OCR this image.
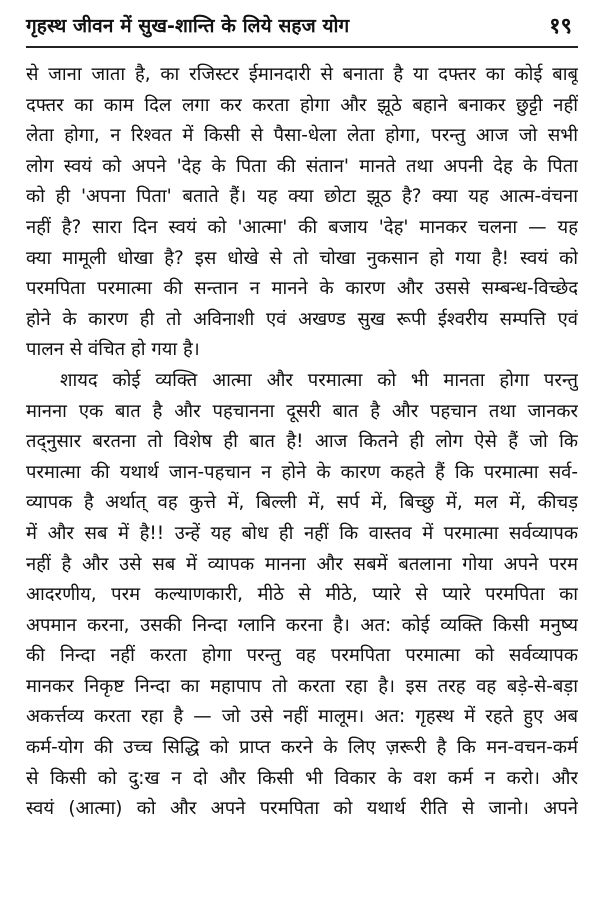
गृहस्थ जीवन में सुख-शान्ति के लिये सहज योग	१९
से जाना जाता है, का रजिस्टर ईमानदारी से बनाता है या दफ्तर का कोई बाबू
दफ्तर का काम दिल लगा कर करता होगा और झूठे बहाने बनाकर छुट्टी नहीं
लेता होगा, न रिश्वत में किसी से पैसा-धेला लेता होगा, परन्तु आज जो सभी
लोग स्वयं को अपने 'देह के पिता की संतान' मानते तथा अपनी देह के पिता
को ही 'अपना पिता' बताते हैं। यह क्या छोटा झूठ है? क्या यह आत्म-वंचना
नहीं है? सारा दिन स्वयं को 'आत्मा' की बजाय 'देह' मानकर चलना — यह
क्या मामूली धोखा है? इस धोखे से तो चोखा नुकसान हो गया है! स्वयं को
परमपिता परमात्मा की सन्तान न मानने के कारण और उससे सम्बन्ध-विच्छेद
होने के कारण ही तो अविनाशी एवं अखण्ड सुख रूपी ईश्वरीय सम्पत्ति एवं
पालन से वंचित हो गया है।
शायद कोई व्यक्ति आत्मा और परमात्मा को भी मानता होगा परन्तु
मानना एक बात है और पहचानना दूसरी बात है और पहचान तथा जानकर
तद्नुसार बरतना तो विशेष ही बात है! आज कितने ही लोग ऐसे हैं जो कि
परमात्मा की यथार्थ जान-पहचान न होने के कारण कहते हैं कि परमात्मा सर्व-
व्यापक है अर्थात् वह कुत्ते में, बिल्ली में, सर्प में, बिच्छु में, मल में, कीचड़
में और सब में है!! उन्हें यह बोध ही नहीं कि वास्तव में परमात्मा सर्वव्यापक
नहीं है और उसे सब में व्यापक मानना और सबमें बतलाना गोया अपने परम
आदरणीय, परम कल्याणकारी, मीठे से मीठे, प्यारे से प्यारे परमपिता का
अपमान करना, उसकी निन्दा ग्लानि करना है। अत: कोई व्यक्ति किसी मनुष्य
की निन्दा नहीं करता होगा परन्तु वह परमपिता परमात्मा को सर्वव्यापक
मानकर निकृष्ट निन्दा का महापाप तो करता रहा है। इस तरह वह बड़े-से-बड़ा
अकर्त्तव्य करता रहा है — जो उसे नहीं मालूम। अत: गृहस्थ में रहते हुए अब
कर्म-योग की उच्च सिद्धि को प्राप्त करने के लिए ज़रूरी है कि मन-वचन-कर्म
से किसी को दु:ख न दो और किसी भी विकार के वश कर्म न करो। और
स्वयं (आत्मा) को और अपने परमपिता को यथार्थ रीति से जानो। अपने
